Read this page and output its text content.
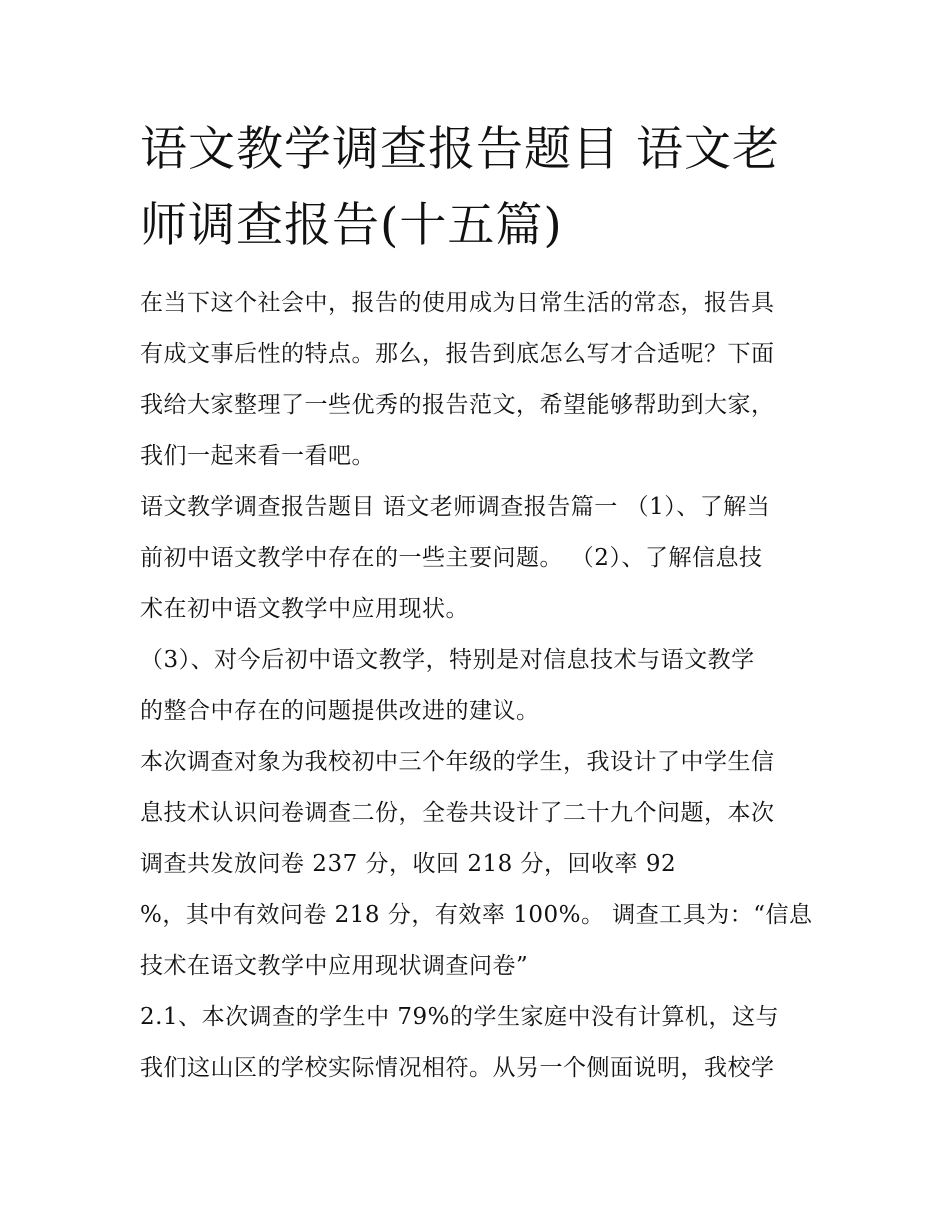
语文教学调查报告题目 语文老
师调查报告(十五篇)
在当下这个社会中，报告的使用成为日常生活的常态，报告具
有成文事后性的特点。那么，报告到底怎么写才合适呢？下面
我给大家整理了一些优秀的报告范文，希望能够帮助到大家，
我们一起来看一看吧。
语文教学调查报告题目 语文老师调查报告篇一 （1）、了解当
前初中语文教学中存在的一些主要问题。 （2）、了解信息技
术在初中语文教学中应用现状。
（3）、对今后初中语文教学，特别是对信息技术与语文教学
的整合中存在的问题提供改进的建议。
本次调查对象为我校初中三个年级的学生，我设计了中学生信
息技术认识问卷调查二份，全卷共设计了二十九个问题，本次
调查共发放问卷 237 分，收回 218 分，回收率 92
%，其中有效问卷 218 分，有效率 100%。 调查工具为：“信息
技术在语文教学中应用现状调查问卷”
2.1、本次调查的学生中 79%的学生家庭中没有计算机，这与
我们这山区的学校实际情况相符。从另一个侧面说明，我校学
